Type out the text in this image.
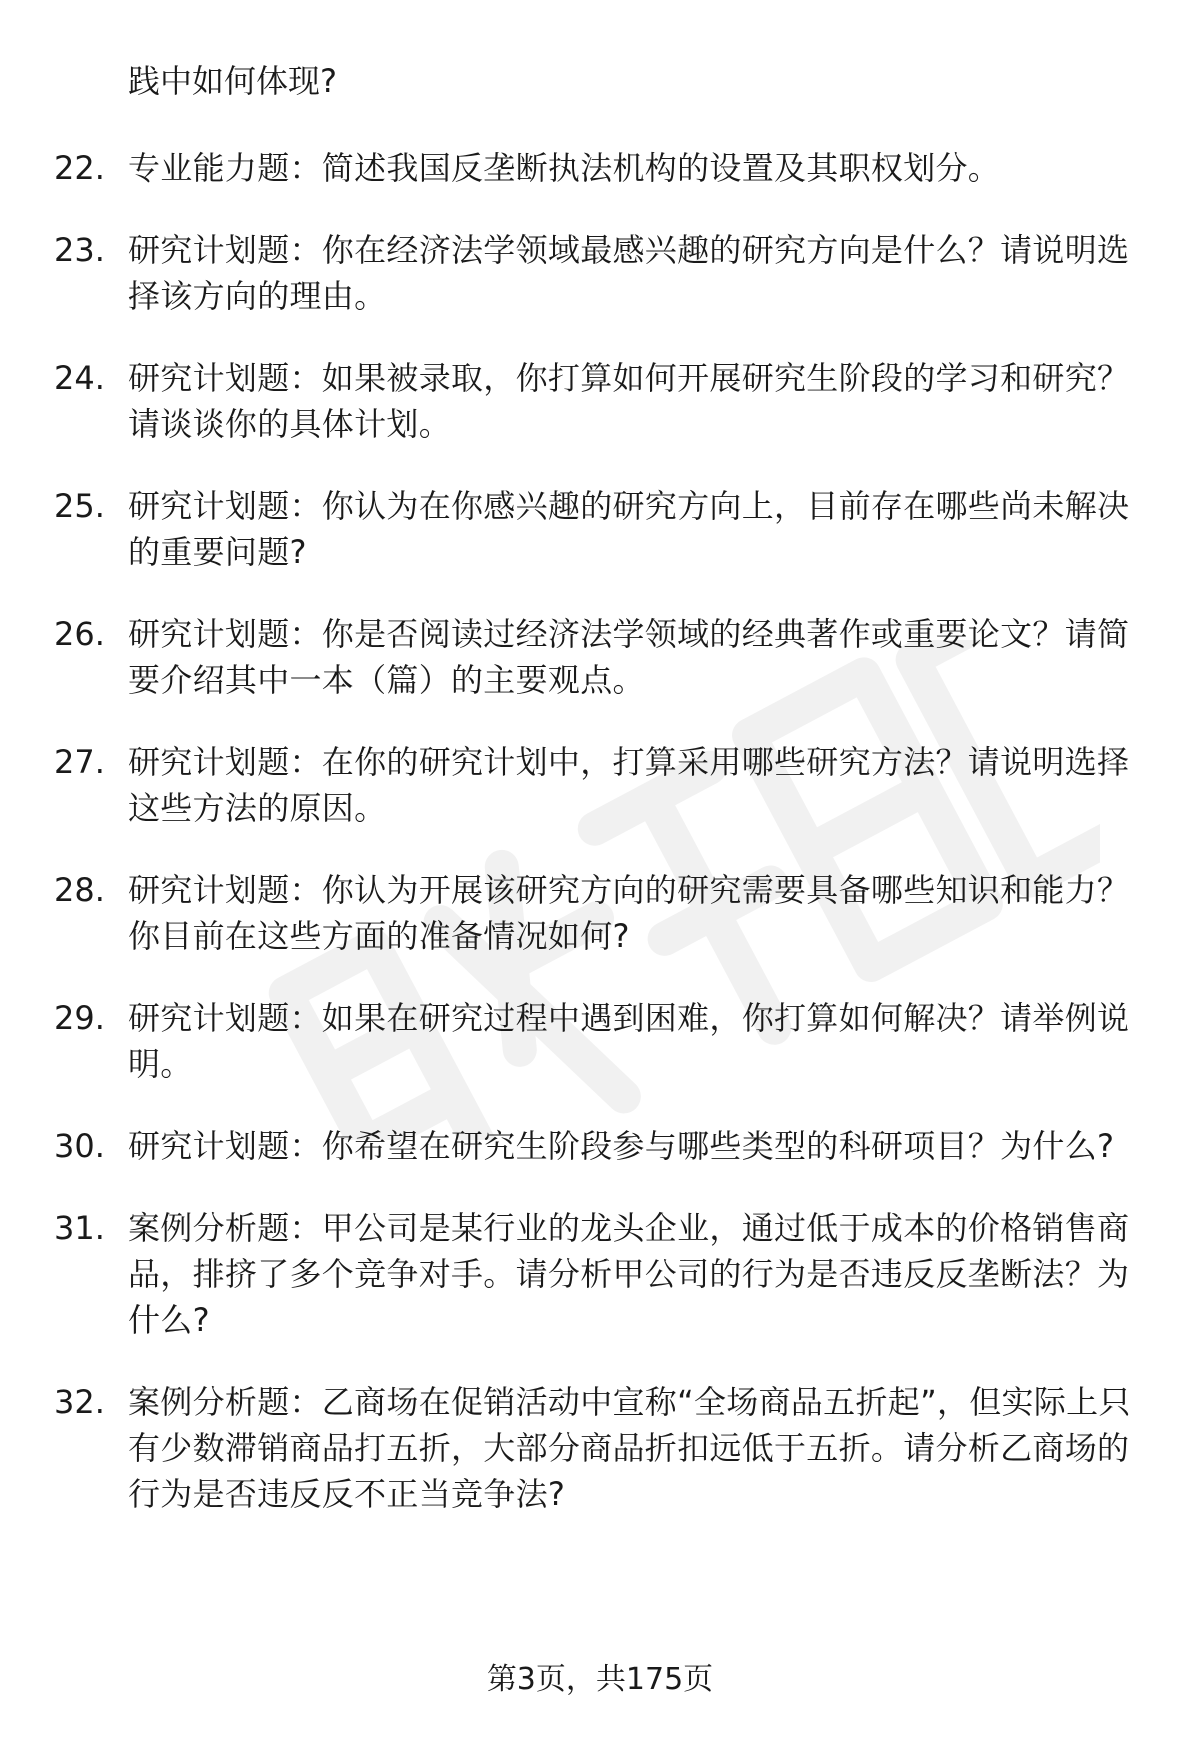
践中如何体现?
22. 专业能力题：简述我国反垄断执法机构的设置及其职权划分。
23. 研究计划题：你在经济法学领域最感兴趣的研究方向是什么？请说明选择该方向的理由。
24. 研究计划题：如果被录取，你打算如何开展研究生阶段的学习和研究？请谈谈你的具体计划。
25. 研究计划题：你认为在你感兴趣的研究方向上，目前存在哪些尚未解决的重要问题?
26. 研究计划题：你是否阅读过经济法学领域的经典著作或重要论文？请简要介绍其中一本（篇）的主要观点。
27. 研究计划题：在你的研究计划中，打算采用哪些研究方法？请说明选择这些方法的原因。
28. 研究计划题：你认为开展该研究方向的研究需要具备哪些知识和能力？你目前在这些方面的准备情况如何?
29. 研究计划题：如果在研究过程中遇到困难，你打算如何解决？请举例说明。
30. 研究计划题：你希望在研究生阶段参与哪些类型的科研项目？为什么?
31. 案例分析题：甲公司是某行业的龙头企业，通过低于成本的价格销售商品，排挤了多个竞争对手。请分析甲公司的行为是否违反反垄断法？为什么?
32. 案例分析题：乙商场在促销活动中宣称“全场商品五折起”，但实际上只有少数滞销商品打五折，大部分商品折扣远低于五折。请分析乙商场的行为是否违反反不正当竞争法?
第3页，共175页
